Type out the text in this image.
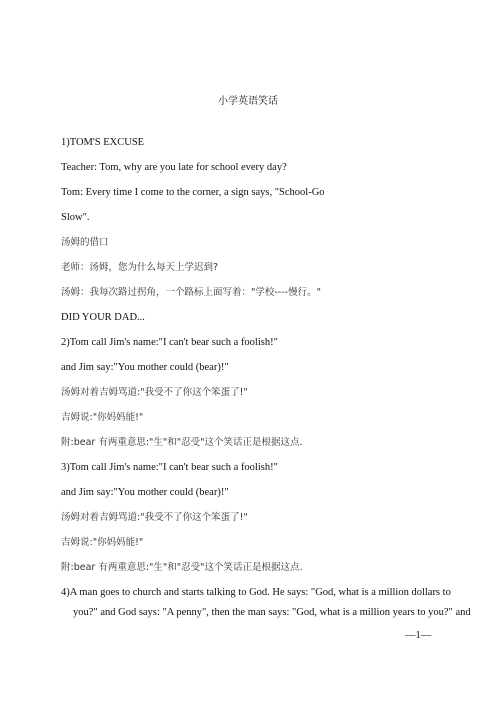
小学英语笑话
1)TOM'S EXCUSE
Teacher: Tom, why are you late for school every day?
Tom: Every time I come to the corner, a sign says, "School-Go
Slow".
汤姆的借口
老师：汤姆，您为什么每天上学迟到?
汤姆：我每次路过拐角，一个路标上面写着："学校----慢行。"
DID YOUR DAD...
2)Tom call Jim's name:"I can't bear such a foolish!"
and Jim say:"You mother could (bear)!"
汤姆对着吉姆骂道:"我受不了你这个笨蛋了!"
吉姆说:"你妈妈能!"
附:bear 有两重意思:"生"和"忍受"这个笑话正是根据这点.
3)Tom call Jim's name:"I can't bear such a foolish!"
and Jim say:"You mother could (bear)!"
汤姆对着吉姆骂道:"我受不了你这个笨蛋了!"
吉姆说:"你妈妈能!"
附:bear 有两重意思:"生"和"忍受"这个笑话正是根据这点.
4)A man goes to church and starts talking to God. He says: "God, what is a million dollars to
you?" and God says: "A penny", then the man says: "God, what is a million years to you?" and
—1—
